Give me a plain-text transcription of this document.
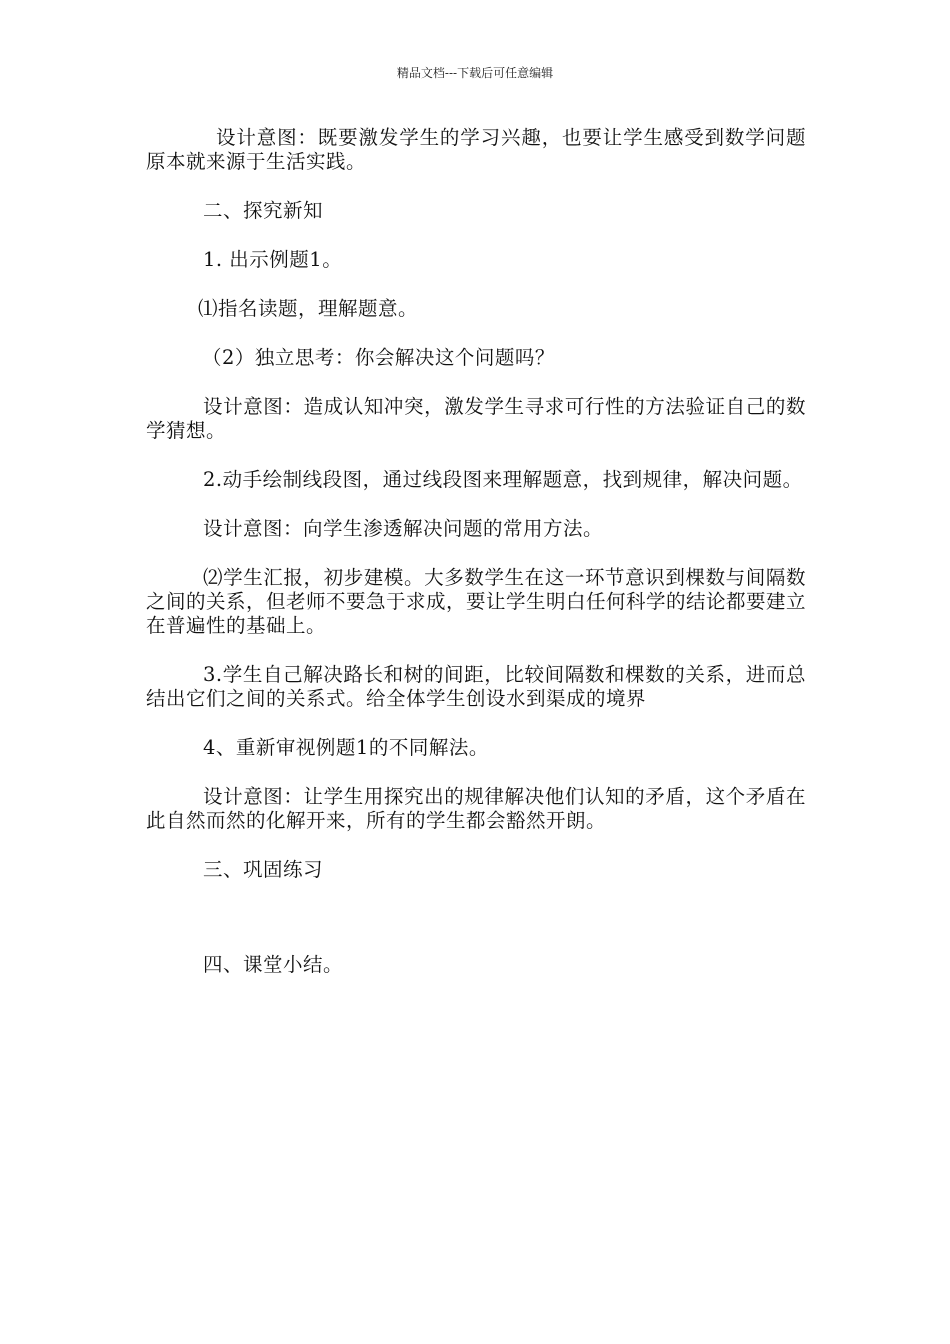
精品文档---下载后可任意编辑

设计意图：既要激发学生的学习兴趣，也要让学生感受到数学问题原本就来源于生活实践。

二、探究新知

1. 出示例题1。

⑴指名读题，理解题意。

（2）独立思考：你会解决这个问题吗？

设计意图：造成认知冲突，激发学生寻求可行性的方法验证自己的数学猜想。

2.动手绘制线段图，通过线段图来理解题意，找到规律，解决问题。

设计意图：向学生渗透解决问题的常用方法。

⑵学生汇报，初步建模。大多数学生在这一环节意识到棵数与间隔数之间的关系，但老师不要急于求成，要让学生明白任何科学的结论都要建立在普遍性的基础上。

3.学生自己解决路长和树的间距，比较间隔数和棵数的关系，进而总结出它们之间的关系式。给全体学生创设水到渠成的境界

4、重新审视例题1的不同解法。

设计意图：让学生用探究出的规律解决他们认知的矛盾，这个矛盾在此自然而然的化解开来，所有的学生都会豁然开朗。

三、巩固练习

四、课堂小结。
